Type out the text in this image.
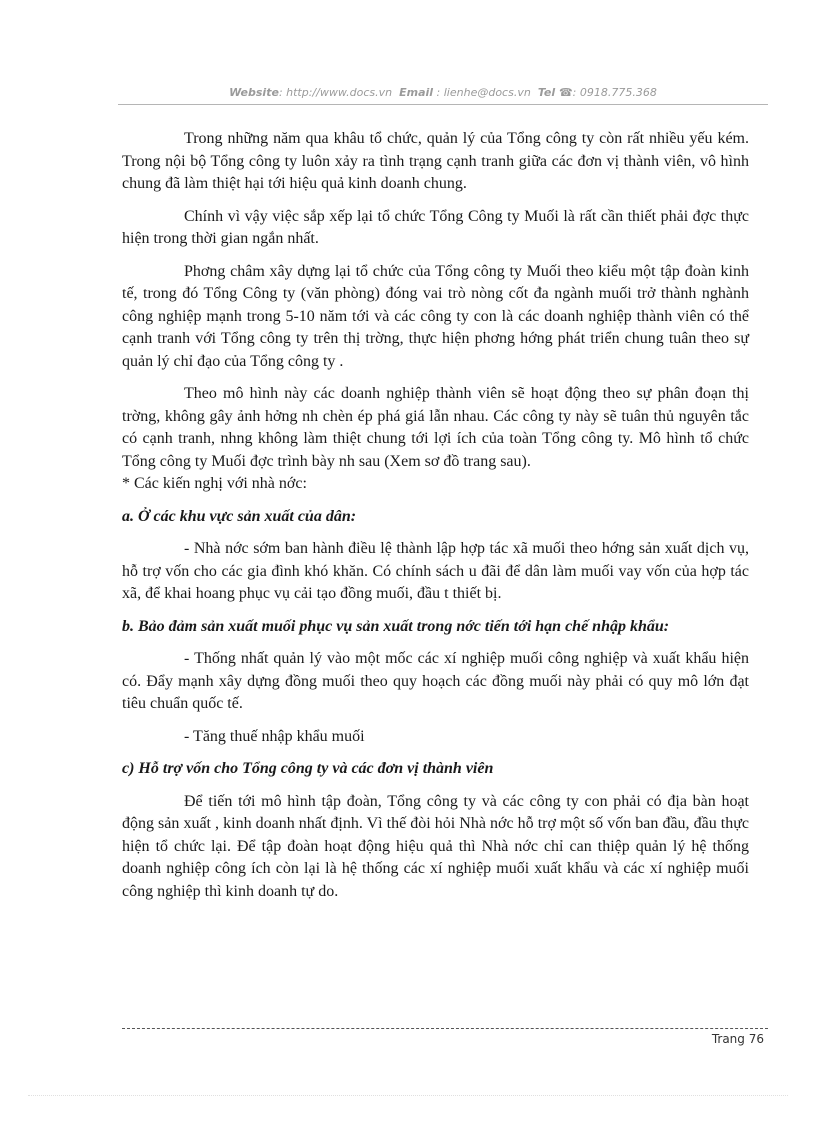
Website: http://www.docs.vn Email : lienhe@docs.vn Tel ☎: 0918.775.368

Trong những năm qua khâu tổ chức, quản lý của Tổng công ty còn rất nhiều yếu kém. Trong nội bộ Tổng công ty luôn xảy ra tình trạng cạnh tranh giữa các đơn vị thành viên, vô hình chung đã làm thiệt hại tới hiệu quả kinh doanh chung.

Chính vì vậy việc sắp xếp lại tổ chức Tổng Công ty Muối là rất cần thiết phải đợc thực hiện trong thời gian ngắn nhất.

Phơng châm xây dựng lại tổ chức của Tổng công ty Muối theo kiểu một tập đoàn kinh tế, trong đó Tổng Công ty (văn phòng) đóng vai trò nòng cốt đa ngành muối trở thành nghành công nghiệp mạnh trong 5-10 năm tới và các công ty con là các doanh nghiệp thành viên có thể cạnh tranh với Tổng công ty trên thị trờng, thực hiện phơng hớng phát triển chung tuân theo sự quản lý chỉ đạo của Tổng công ty .

Theo mô hình này các doanh nghiệp thành viên sẽ hoạt động theo sự phân đoạn thị trờng, không gây ảnh hởng nh chèn ép phá giá lẫn nhau. Các công ty này sẽ tuân thủ nguyên tắc có cạnh tranh, nhng không làm thiệt chung tới lợi ích của toàn Tổng công ty. Mô hình tổ chức Tổng công ty Muối đợc trình bày nh sau (Xem sơ đồ trang sau).

* Các kiến nghị với nhà nớc:

a. Ở các khu vực sản xuất của dân:

- Nhà nớc sớm ban hành điều lệ thành lập hợp tác xã muối theo hớng sản xuất dịch vụ, hỗ trợ vốn cho các gia đình khó khăn. Có chính sách u đãi để dân làm muối vay vốn của hợp tác xã, để khai hoang phục vụ cải tạo đồng muối, đầu t thiết bị.

b. Bảo đảm sản xuất muối phục vụ sản xuất trong nớc tiến tới hạn chế nhập khẩu:

- Thống nhất quản lý vào một mốc các xí nghiệp muối công nghiệp và xuất khẩu hiện có. Đẩy mạnh xây dựng đồng muối theo quy hoạch các đồng muối này phải có quy mô lớn đạt tiêu chuẩn quốc tế.

- Tăng thuế nhập khẩu muối

c) Hỗ trợ vốn cho Tổng công ty và các đơn vị thành viên

Để tiến tới mô hình tập đoàn, Tổng công ty và các công ty con phải có địa bàn hoạt động sản xuất , kinh doanh nhất định. Vì thế đòi hỏi Nhà nớc hỗ trợ một số vốn ban đầu, đầu thực hiện tổ chức lại. Để tập đoàn hoạt động hiệu quả thì Nhà nớc chỉ can thiệp quản lý hệ thống doanh nghiệp công ích còn lại là hệ thống các xí nghiệp muối xuất khẩu và các xí nghiệp muối công nghiệp thì kinh doanh tự do.

Trang 76
